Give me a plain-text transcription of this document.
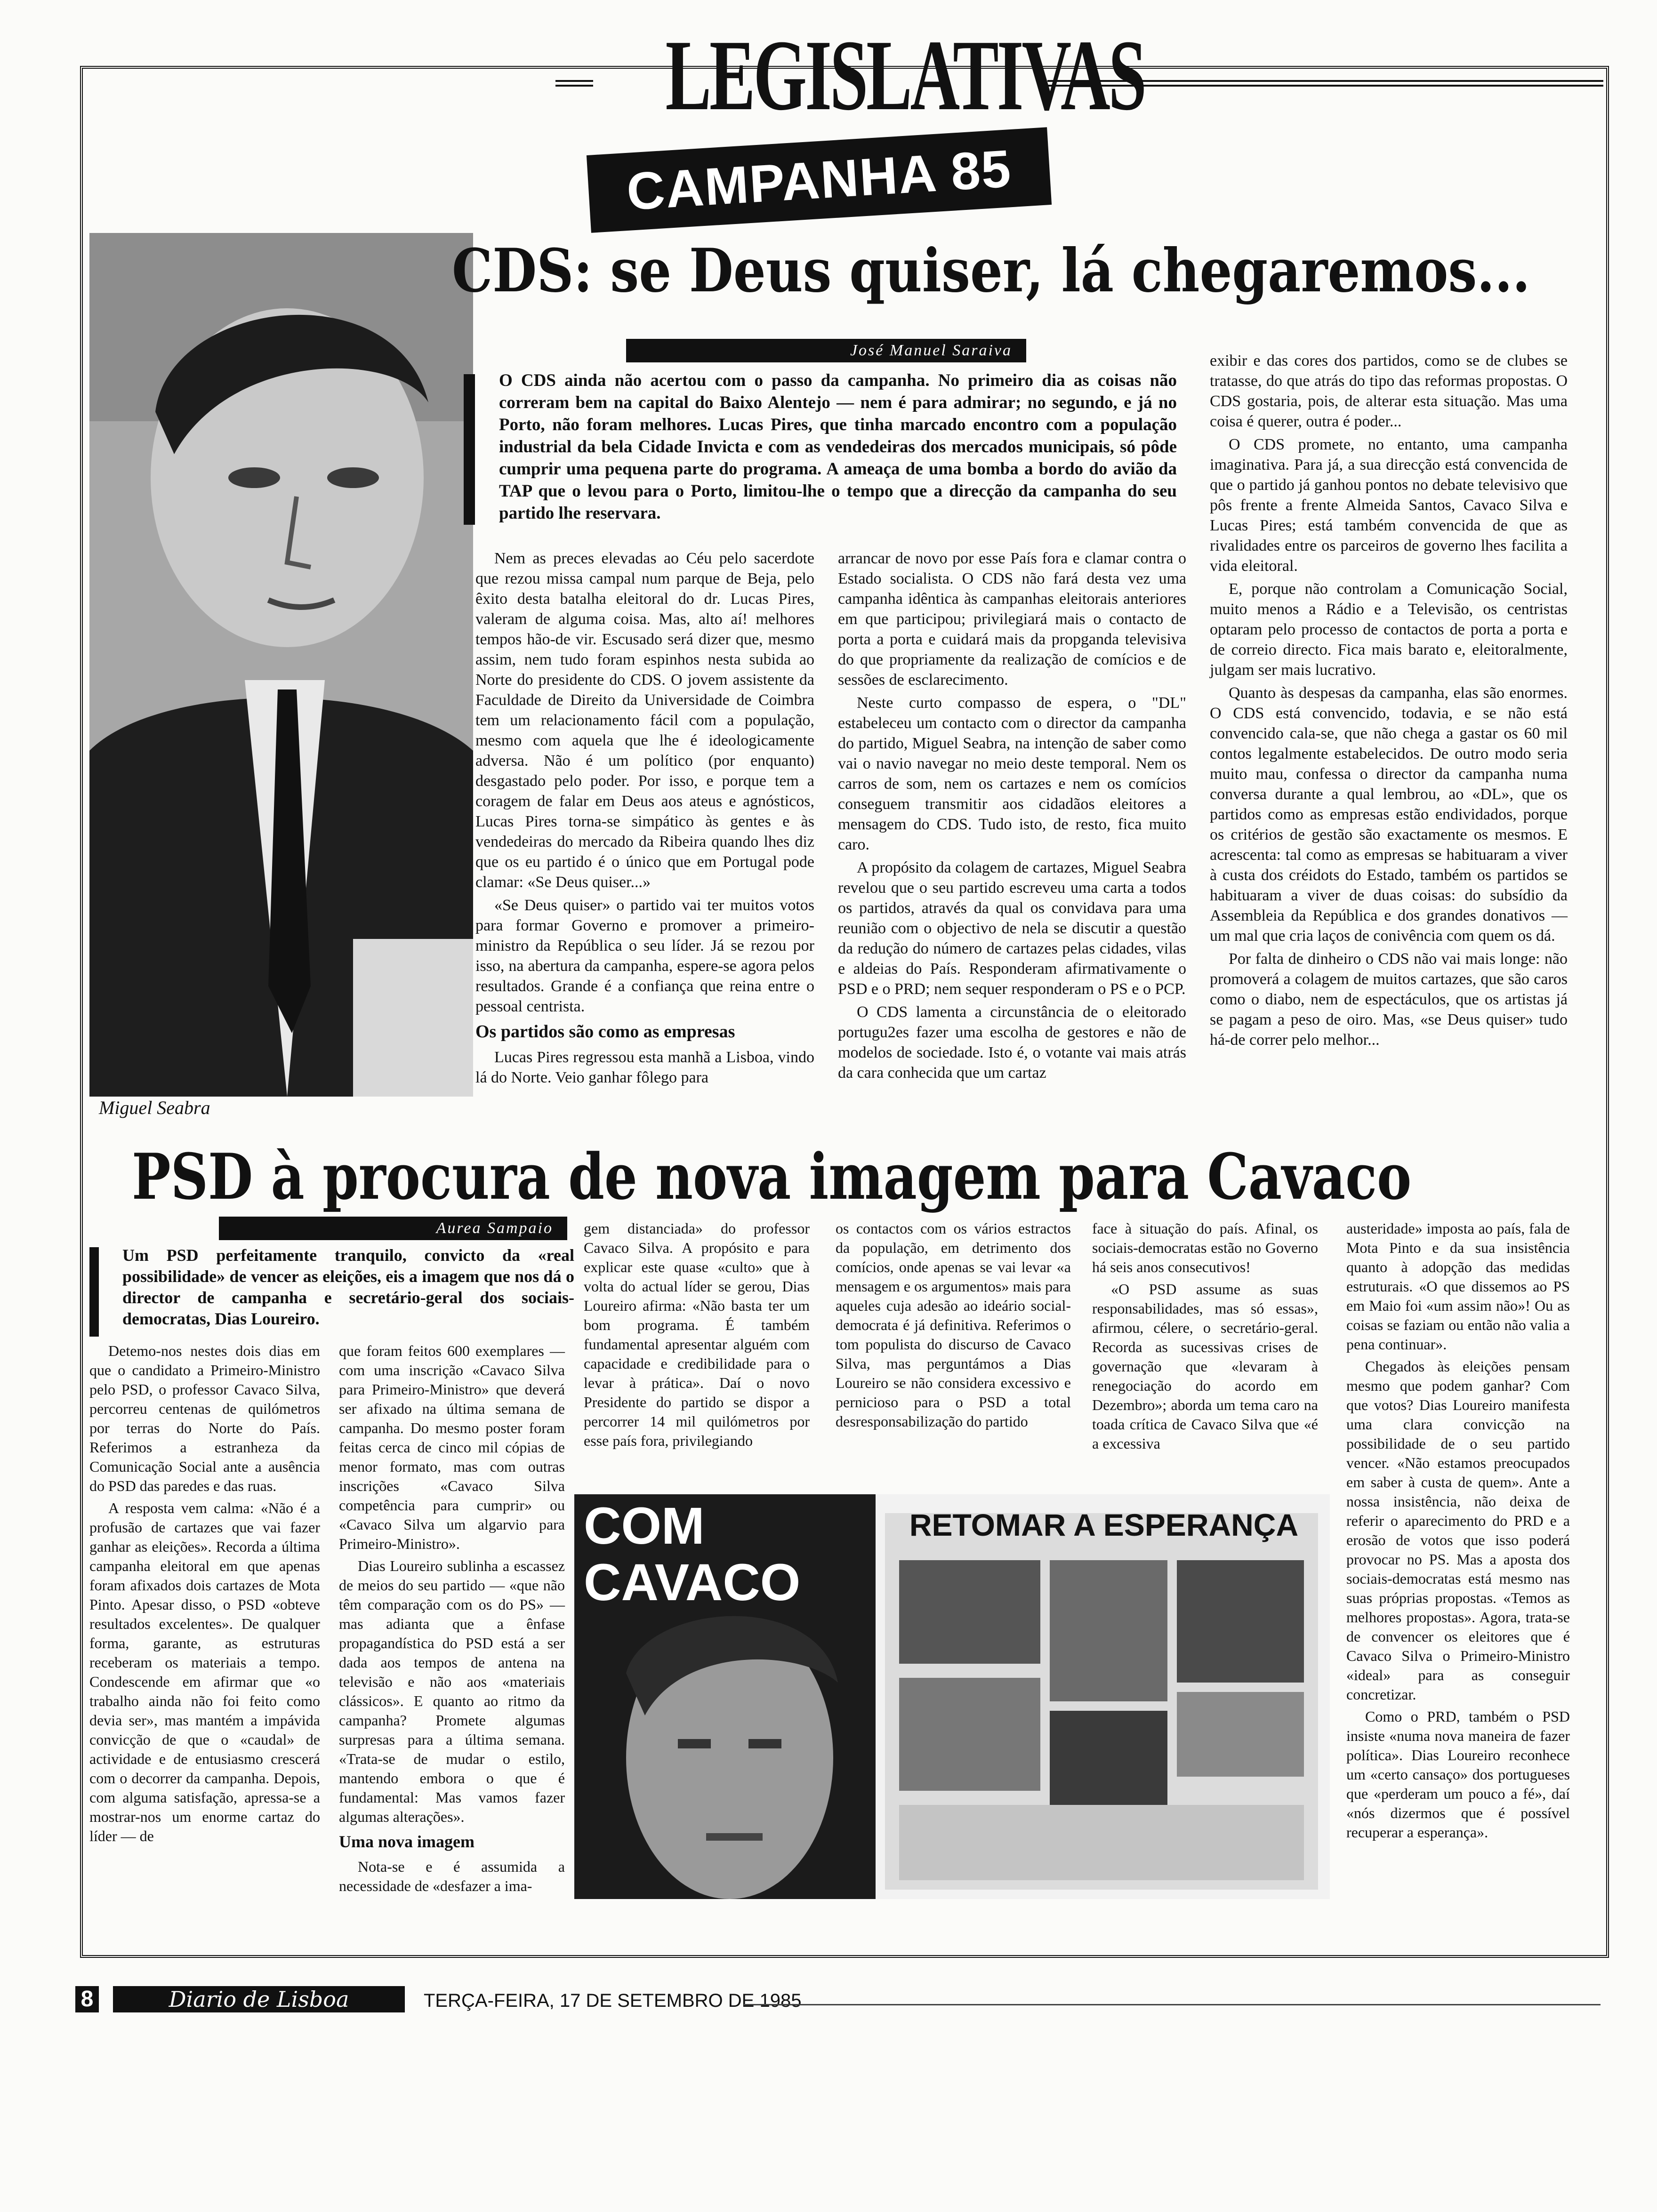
LEGISLATIVAS
CAMPANHA 85
Miguel Seabra
CDS: se Deus quiser, lá chegaremos...
José Manuel Saraiva
O CDS ainda não acertou com o passo da campanha. No primeiro dia as coisas não correram bem na capital do Baixo Alentejo — nem é para admirar; no segundo, e já no Porto, não foram melhores. Lucas Pires, que tinha marcado encontro com a população industrial da bela Cidade Invicta e com as vendedeiras dos mercados municipais, só pôde cumprir uma pequena parte do programa. A ameaça de uma bomba a bordo do avião da TAP que o levou para o Porto, limitou-lhe o tempo que a direcção da campanha do seu partido lhe reservara.

Nem as preces elevadas ao Céu pelo sacerdote que rezou missa campal num parque de Beja, pelo êxito desta batalha eleitoral do dr. Lucas Pires, valeram de alguma coisa. Mas, alto aí! melhores tempos hão-de vir. Escusado será dizer que, mesmo assim, nem tudo foram espinhos nesta subida ao Norte do presidente do CDS. O jovem assistente da Faculdade de Direito da Universidade de Coimbra tem um relacionamento fácil com a população, mesmo com aquela que lhe é ideologicamente adversa. Não é um político (por enquanto) desgastado pelo poder. Por isso, e porque tem a coragem de falar em Deus aos ateus e agnósticos, Lucas Pires torna-se simpático às gentes e às vendedeiras do mercado da Ribeira quando lhes diz que os eu partido é o único que em Portugal pode clamar: «Se Deus quiser...»

«Se Deus quiser» o partido vai ter muitos votos para formar Governo e promover a primeiro-ministro da República o seu líder. Já se rezou por isso, na abertura da campanha, espere-se agora pelos resultados. Grande é a confiança que reina entre o pessoal centrista.

Os partidos são como as empresas

Lucas Pires regressou esta manhã a Lisboa, vindo lá do Norte. Veio ganhar fôlego para

arrancar de novo por esse País fora e clamar contra o Estado socialista. O CDS não fará desta vez uma campanha idêntica às campanhas eleitorais anteriores em que participou; privilegiará mais o contacto de porta a porta e cuidará mais da propganda televisiva do que propriamente da realização de comícios e de sessões de esclarecimento.

Neste curto compasso de espera, o "DL" estabeleceu um contacto com o director da campanha do partido, Miguel Seabra, na intenção de saber como vai o navio navegar no meio deste temporal. Nem os carros de som, nem os cartazes e nem os comícios conseguem transmitir aos cidadãos eleitores a mensagem do CDS. Tudo isto, de resto, fica muito caro.

A propósito da colagem de cartazes, Miguel Seabra revelou que o seu partido escreveu uma carta a todos os partidos, através da qual os convidava para uma reunião com o objectivo de nela se discutir a questão da redução do número de cartazes pelas cidades, vilas e aldeias do País. Responderam afirmativamente o PSD e o PRD; nem sequer responderam o PS e o PCP.

O CDS lamenta a circunstância de o eleitorado portugu2es fazer uma escolha de gestores e não de modelos de sociedade. Isto é, o votante vai mais atrás da cara conhecida que um cartaz

exibir e das cores dos partidos, como se de clubes se tratasse, do que atrás do tipo das reformas propostas. O CDS gostaria, pois, de alterar esta situação. Mas uma coisa é querer, outra é poder...

O CDS promete, no entanto, uma campanha imaginativa. Para já, a sua direcção está convencida de que o partido já ganhou pontos no debate televisivo que pôs frente a frente Almeida Santos, Cavaco Silva e Lucas Pires; está também convencida de que as rivalidades entre os parceiros de governo lhes facilita a vida eleitoral.

E, porque não controlam a Comunicação Social, muito menos a Rádio e a Televisão, os centristas optaram pelo processo de contactos de porta a porta e de correio directo. Fica mais barato e, eleitoralmente, julgam ser mais lucrativo.

Quanto às despesas da campanha, elas são enormes. O CDS está convencido, todavia, e se não está convencido cala-se, que não chega a gastar os 60 mil contos legalmente estabelecidos. De outro modo seria muito mau, confessa o director da campanha numa conversa durante a qual lembrou, ao «DL», que os partidos como as empresas estão endividados, porque os critérios de gestão são exactamente os mesmos. E acrescenta: tal como as empresas se habituaram a viver à custa dos créidots do Estado, também os partidos se habituaram a viver de duas coisas: do subsídio da Assembleia da República e dos grandes donativos — um mal que cria laços de conivência com quem os dá.

Por falta de dinheiro o CDS não vai mais longe: não promoverá a colagem de muitos cartazes, que são caros como o diabo, nem de espectáculos, que os artistas já se pagam a peso de oiro. Mas, «se Deus quiser» tudo há-de correr pelo melhor...

PSD à procura de nova imagem para Cavaco
Aurea Sampaio
Um PSD perfeitamente tranquilo, convicto da «real possibilidade» de vencer as eleições, eis a imagem que nos dá o director de campanha e secretário-geral dos sociais-democratas, Dias Loureiro.

Detemo-nos nestes dois dias em que o candidato a Primeiro-Ministro pelo PSD, o professor Cavaco Silva, percorreu centenas de quilómetros por terras do Norte do País. Referimos a estranheza da Comunicação Social ante a ausência do PSD das paredes e das ruas.

A resposta vem calma: «Não é a profusão de cartazes que vai fazer ganhar as eleições». Recorda a última campanha eleitoral em que apenas foram afixados dois cartazes de Mota Pinto. Apesar disso, o PSD «obteve resultados excelentes». De qualquer forma, garante, as estruturas receberam os materiais a tempo. Condescende em afirmar que «o trabalho ainda não foi feito como devia ser», mas mantém a impávida convicção de que o «caudal» de actividade e de entusiasmo crescerá com o decorrer da campanha. Depois, com alguma satisfação, apressa-se a mostrar-nos um enorme cartaz do líder — de

que foram feitos 600 exemplares — com uma inscrição «Cavaco Silva para Primeiro-Ministro» que deverá ser afixado na última semana de campanha. Do mesmo poster foram feitas cerca de cinco mil cópias de menor formato, mas com outras inscrições «Cavaco Silva competência para cumprir» ou «Cavaco Silva um algarvio para Primeiro-Ministro».

Dias Loureiro sublinha a escassez de meios do seu partido — «que não têm comparação com os do PS» — mas adianta que a ênfase propagandística do PSD está a ser dada aos tempos de antena na televisão e não aos «materiais clássicos». E quanto ao ritmo da campanha? Promete algumas surpresas para a última semana. «Trata-se de mudar o estilo, mantendo embora o que é fundamental: Mas vamos fazer algumas alterações».

Uma nova imagem

Nota-se e é assumida a necessidade de «desfazer a ima-

gem distanciada» do professor Cavaco Silva. A propósito e para explicar este quase «culto» que à volta do actual líder se gerou, Dias Loureiro afirma: «Não basta ter um bom programa. É também fundamental apresentar alguém com capacidade e credibilidade para o levar à prática». Daí o novo Presidente do partido se dispor a percorrer 14 mil quilómetros por esse país fora, privilegiando

os contactos com os vários estractos da população, em detrimento dos comícios, onde apenas se vai levar «a mensagem e os argumentos» mais para aqueles cuja adesão ao ideário social-democrata é já definitiva. Referimos o tom populista do discurso de Cavaco Silva, mas perguntámos a Dias Loureiro se não considera excessivo e pernicioso para o PSD a total desresponsabilização do partido

face à situação do país. Afinal, os sociais-democratas estão no Governo há seis anos consecutivos!

«O PSD assume as suas responsabilidades, mas só essas», afirmou, célere, o secretário-geral. Recorda as sucessivas crises de governação que «levaram à renegociação do acordo em Dezembro»; aborda um tema caro na toada crítica de Cavaco Silva que «é a excessiva

austeridade» imposta ao país, fala de Mota Pinto e da sua insistência quanto à adopção das medidas estruturais. «O que dissemos ao PS em Maio foi «um assim não»! Ou as coisas se faziam ou então não valia a pena continuar».

Chegados às eleições pensam mesmo que podem ganhar? Com que votos? Dias Loureiro manifesta uma clara convicção na possibilidade de o seu partido vencer. «Não estamos preocupados em saber à custa de quem». Ante a nossa insistência, não deixa de referir o aparecimento do PRD e a erosão de votos que isso poderá provocar no PS. Mas a aposta dos sociais-democratas está mesmo nas suas próprias propostas. «Temos as melhores propostas». Agora, trata-se de convencer os eleitores que é Cavaco Silva o Primeiro-Ministro «ideal» para as conseguir concretizar.

Como o PRD, também o PSD insiste «numa nova maneira de fazer política». Dias Loureiro reconhece um «certo cansaço» dos portugueses que «perderam um pouco a fé», daí «nós dizermos que é possível recuperar a esperança».

COM CAVACO
RETOMAR A ESPERANÇA
8	Diario de Lisboa	TERÇA-FEIRA, 17 DE SETEMBRO DE 1985
